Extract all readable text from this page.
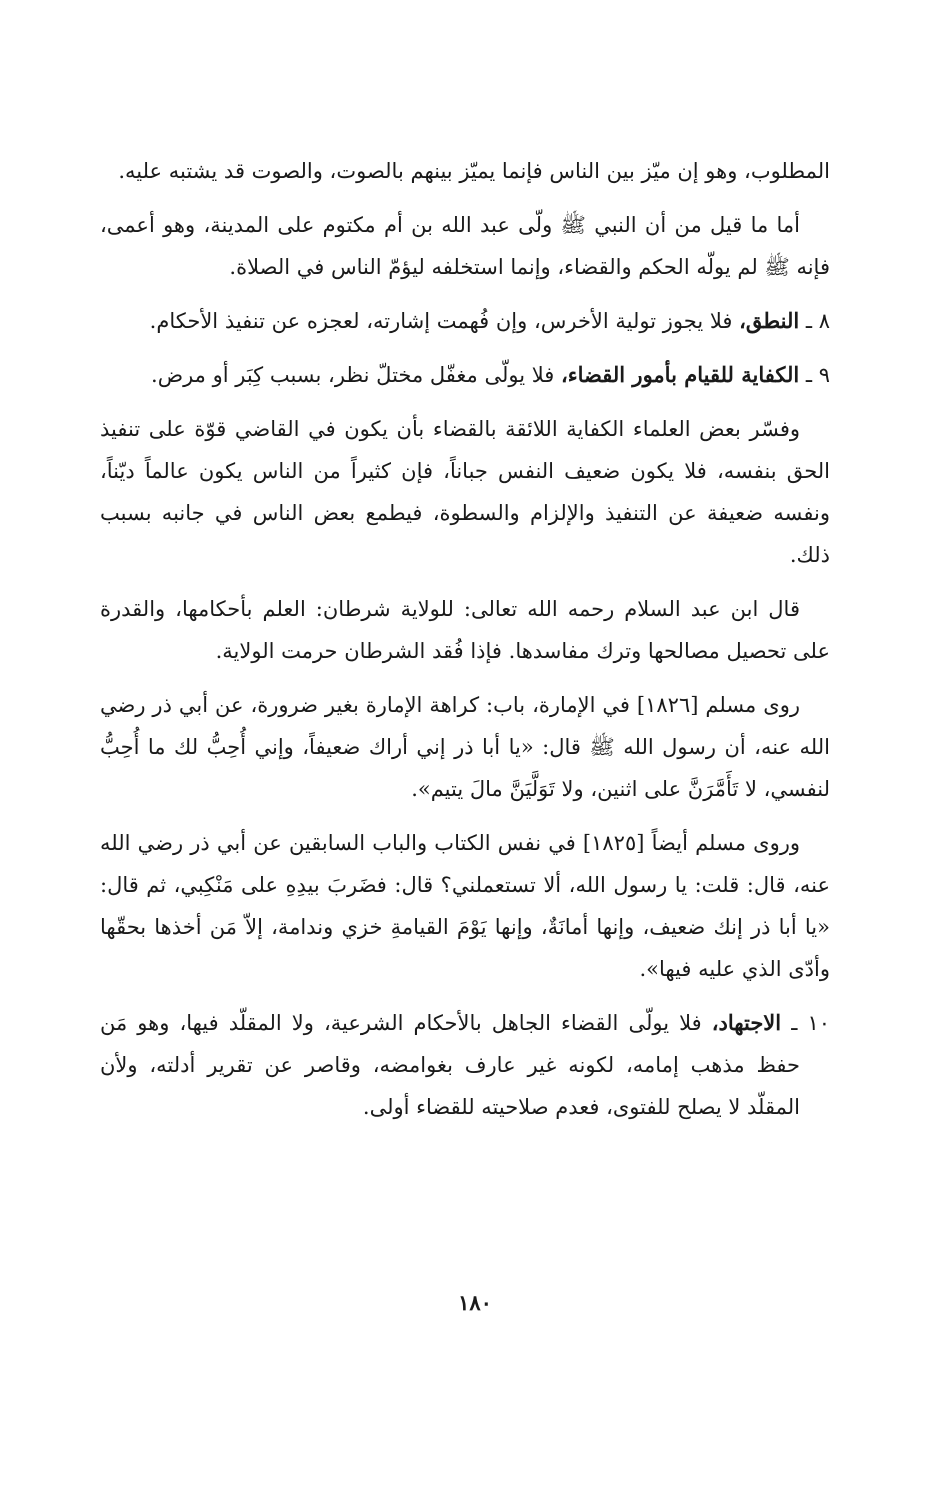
المطلوب، وهو إن ميّز بين الناس فإنما يميّز بينهم بالصوت، والصوت قد يشتبه عليه.

أما ما قيل من أن النبي ﷺ ولّى عبد الله بن أم مكتوم على المدينة، وهو أعمى، فإنه ﷺ لم يولّه الحكم والقضاء، وإنما استخلفه ليؤمّ الناس في الصلاة.

٨ ـ النطق، فلا يجوز تولية الأخرس، وإن فُهمت إشارته، لعجزه عن تنفيذ الأحكام.

٩ ـ الكفاية للقيام بأمور القضاء، فلا يولّى مغفّل مختلّ نظر، بسبب كِبَر أو مرض.

وفسّر بعض العلماء الكفاية اللائقة بالقضاء بأن يكون في القاضي قوّة على تنفيذ الحق بنفسه، فلا يكون ضعيف النفس جباناً، فإن كثيراً من الناس يكون عالماً ديّناً، ونفسه ضعيفة عن التنفيذ والإلزام والسطوة، فيطمع بعض الناس في جانبه بسبب ذلك.

قال ابن عبد السلام رحمه الله تعالى: للولاية شرطان: العلم بأحكامها، والقدرة على تحصيل مصالحها وترك مفاسدها. فإذا فُقد الشرطان حرمت الولاية.

روى مسلم [١٨٢٦] في الإمارة، باب: كراهة الإمارة بغير ضرورة، عن أبي ذر رضي الله عنه، أن رسول الله ﷺ قال: «يا أبا ذر إني أراك ضعيفاً، وإني أُحِبُّ لك ما أُحِبُّ لنفسي، لا تَأَمَّرَنَّ على اثنين، ولا تَوَلَّيَنَّ مالَ يتيم».

وروى مسلم أيضاً [١٨٢٥] في نفس الكتاب والباب السابقين عن أبي ذر رضي الله عنه، قال: قلت: يا رسول الله، ألا تستعملني؟ قال: فضَربَ بيدِهِ على مَنْكِبي، ثم قال: «يا أبا ذر إنك ضعيف، وإنها أمانَةٌ، وإنها يَوْمَ القيامةِ خزي وندامة، إلاّ مَن أخذها بحقّها وأدّى الذي عليه فيها».

١٠ ـ الاجتهاد، فلا يولّى القضاء الجاهل بالأحكام الشرعية، ولا المقلّد فيها، وهو مَن حفظ مذهب إمامه، لكونه غير عارف بغوامضه، وقاصر عن تقرير أدلته، ولأن المقلّد لا يصلح للفتوى، فعدم صلاحيته للقضاء أولى.

١٨٠
